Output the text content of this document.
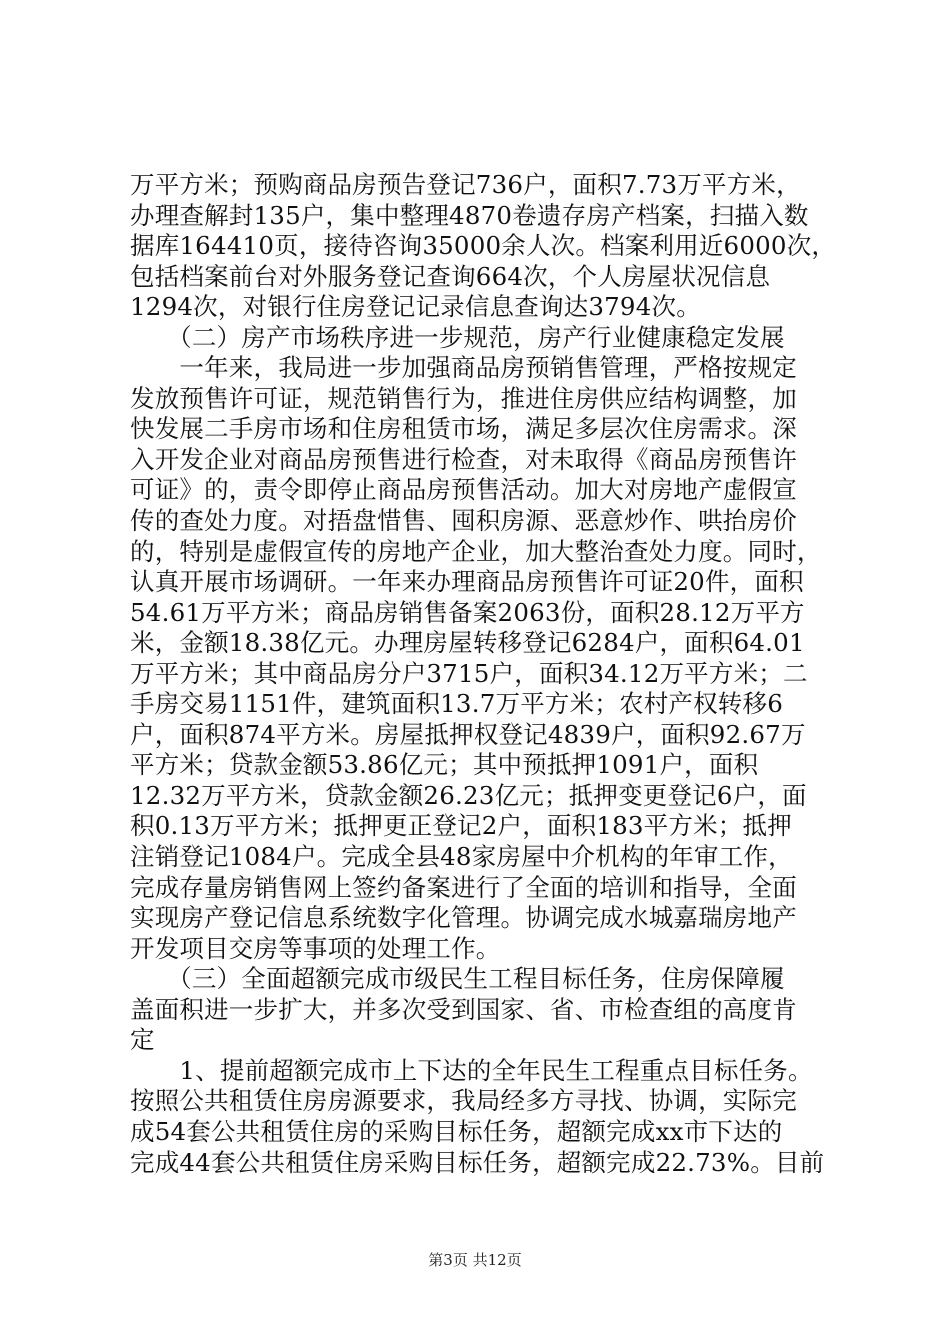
万平方米；预购商品房预告登记736户，面积7.73万平方米，
办理查解封135户，集中整理4870卷遗存房产档案，扫描入数
据库164410页，接待咨询35000余人次。档案利用近6000次，
包括档案前台对外服务登记查询664次，个人房屋状况信息
1294次，对银行住房登记记录信息查询达3794次。
　　（二）房产市场秩序进一步规范，房产行业健康稳定发展
　　一年来，我局进一步加强商品房预销售管理，严格按规定
发放预售许可证，规范销售行为，推进住房供应结构调整，加
快发展二手房市场和住房租赁市场，满足多层次住房需求。深
入开发企业对商品房预售进行检查，对未取得《商品房预售许
可证》的，责令即停止商品房预售活动。加大对房地产虚假宣
传的查处力度。对捂盘惜售、囤积房源、恶意炒作、哄抬房价
的，特别是虚假宣传的房地产企业，加大整治查处力度。同时，
认真开展市场调研。一年来办理商品房预售许可证20件，面积
54.61万平方米；商品房销售备案2063份，面积28.12万平方
米，金额18.38亿元。办理房屋转移登记6284户，面积64.01
万平方米；其中商品房分户3715户，面积34.12万平方米；二
手房交易1151件，建筑面积13.7万平方米；农村产权转移6
户，面积874平方米。房屋抵押权登记4839户，面积92.67万
平方米；贷款金额53.86亿元；其中预抵押1091户，面积
12.32万平方米，贷款金额26.23亿元；抵押变更登记6户，面
积0.13万平方米；抵押更正登记2户，面积183平方米；抵押
注销登记1084户。完成全县48家房屋中介机构的年审工作，
完成存量房销售网上签约备案进行了全面的培训和指导，全面
实现房产登记信息系统数字化管理。协调完成水城嘉瑞房地产
开发项目交房等事项的处理工作。
　　（三）全面超额完成市级民生工程目标任务，住房保障履
盖面积进一步扩大，并多次受到国家、省、市检查组的高度肯
定
　　1、提前超额完成市上下达的全年民生工程重点目标任务。
按照公共租赁住房房源要求，我局经多方寻找、协调，实际完
成54套公共租赁住房的采购目标任务，超额完成xx市下达的
完成44套公共租赁住房采购目标任务，超额完成22.73%。目前
第3页 共12页
